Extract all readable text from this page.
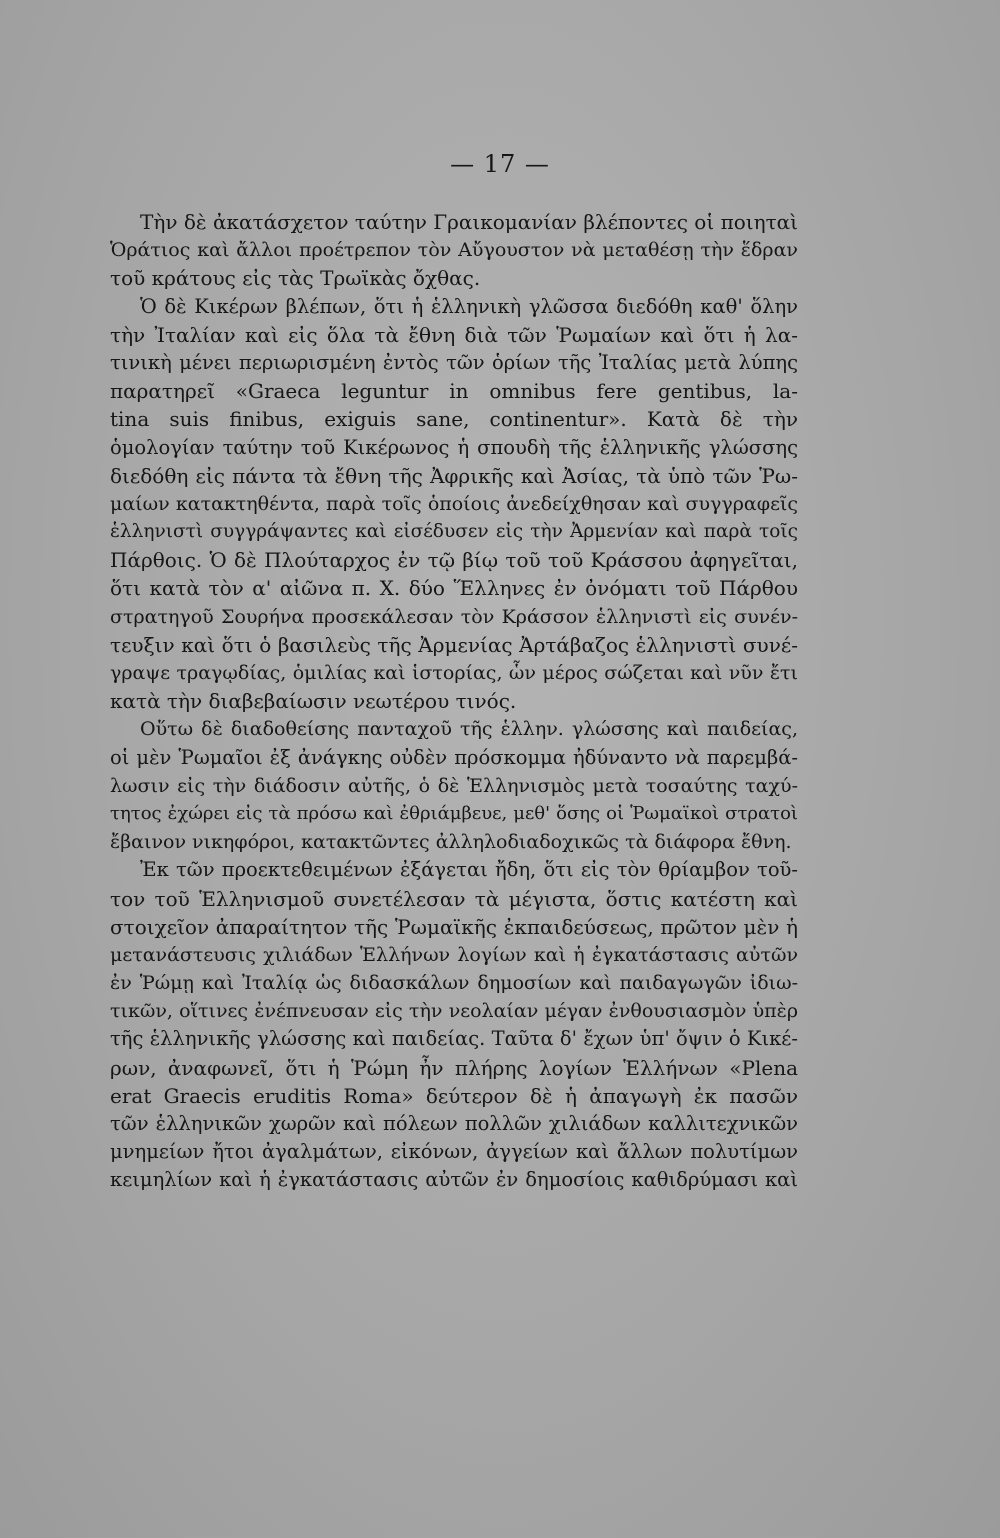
— 17 —
Τὴν δὲ ἀκατάσχετον ταύτην Γραικομανίαν βλέποντες οἱ ποιηταὶ
Ὁράτιος καὶ ἄλλοι προέτρεπον τὸν Αὔγουστον νὰ μεταθέσῃ τὴν ἕδραν
τοῦ κράτους εἰς τὰς Τρωϊκὰς ὄχθας.
Ὁ δὲ Κικέρων βλέπων, ὅτι ἡ ἑλληνικὴ γλῶσσα διεδόθη καθ' ὅλην
τὴν Ἰταλίαν καὶ εἰς ὅλα τὰ ἔθνη διὰ τῶν Ῥωμαίων καὶ ὅτι ἡ λα-
τινικὴ μένει περιωρισμένη ἐντὸς τῶν ὁρίων τῆς Ἰταλίας μετὰ λύπης
παρατηρεῖ «Graeca leguntur in omnibus fere gentibus, la-
tina suis finibus, exiguis sane, continentur». Κατὰ δὲ τὴν
ὁμολογίαν ταύτην τοῦ Κικέρωνος ἡ σπουδὴ τῆς ἑλληνικῆς γλώσσης
διεδόθη εἰς πάντα τὰ ἔθνη τῆς Ἀφρικῆς καὶ Ἀσίας, τὰ ὑπὸ τῶν Ῥω-
μαίων κατακτηθέντα, παρὰ τοῖς ὁποίοις ἀνεδείχθησαν καὶ συγγραφεῖς
ἑλληνιστὶ συγγράψαντες καὶ εἰσέδυσεν εἰς τὴν Ἀρμενίαν καὶ παρὰ τοῖς
Πάρθοις. Ὁ δὲ Πλούταρχος ἐν τῷ βίῳ τοῦ τοῦ Κράσσου ἀφηγεῖται,
ὅτι κατὰ τὸν α' αἰῶνα π. Χ. δύο Ἕλληνες ἐν ὀνόματι τοῦ Πάρθου
στρατηγοῦ Σουρήνα προσεκάλεσαν τὸν Κράσσον ἑλληνιστὶ εἰς συνέν-
τευξιν καὶ ὅτι ὁ βασιλεὺς τῆς Ἀρμενίας Ἀρτάβαζος ἑλληνιστὶ συνέ-
γραψε τραγῳδίας, ὁμιλίας καὶ ἱστορίας, ὧν μέρος σώζεται καὶ νῦν ἔτι
κατὰ τὴν διαβεβαίωσιν νεωτέρου τινός.
Οὕτω δὲ διαδοθείσης πανταχοῦ τῆς ἑλλην. γλώσσης καὶ παιδείας,
οἱ μὲν Ῥωμαῖοι ἐξ ἀνάγκης οὐδὲν πρόσκομμα ἠδύναντο νὰ παρεμβά-
λωσιν εἰς τὴν διάδοσιν αὐτῆς, ὁ δὲ Ἑλληνισμὸς μετὰ τοσαύτης ταχύ-
τητος ἐχώρει εἰς τὰ πρόσω καὶ ἐθριάμβευε, μεθ' ὅσης οἱ Ῥωμαϊκοὶ στρατοὶ
ἔβαινον νικηφόροι, κατακτῶντες ἀλληλοδιαδοχικῶς τὰ διάφορα ἔθνη.
Ἐκ τῶν προεκτεθειμένων ἐξάγεται ἤδη, ὅτι εἰς τὸν θρίαμβον τοῦ-
τον τοῦ Ἑλληνισμοῦ συνετέλεσαν τὰ μέγιστα, ὅστις κατέστη καὶ
στοιχεῖον ἀπαραίτητον τῆς Ῥωμαϊκῆς ἐκπαιδεύσεως, πρῶτον μὲν ἡ
μετανάστευσις χιλιάδων Ἑλλήνων λογίων καὶ ἡ ἐγκατάστασις αὐτῶν
ἐν Ῥώμῃ καὶ Ἰταλίᾳ ὡς διδασκάλων δημοσίων καὶ παιδαγωγῶν ἰδιω-
τικῶν, οἵτινες ἐνέπνευσαν εἰς τὴν νεολαίαν μέγαν ἐνθουσιασμὸν ὑπὲρ
τῆς ἑλληνικῆς γλώσσης καὶ παιδείας. Ταῦτα δ' ἔχων ὑπ' ὄψιν ὁ Κικέ-
ρων, ἀναφωνεῖ, ὅτι ἡ Ῥώμη ἦν πλήρης λογίων Ἑλλήνων «Plena
erat Graecis eruditis Roma» δεύτερον δὲ ἡ ἀπαγωγὴ ἐκ πασῶν
τῶν ἑλληνικῶν χωρῶν καὶ πόλεων πολλῶν χιλιάδων καλλιτεχνικῶν
μνημείων ἤτοι ἀγαλμάτων, εἰκόνων, ἀγγείων καὶ ἄλλων πολυτίμων
κειμηλίων καὶ ἡ ἐγκατάστασις αὐτῶν ἐν δημοσίοις καθιδρύμασι καὶ
